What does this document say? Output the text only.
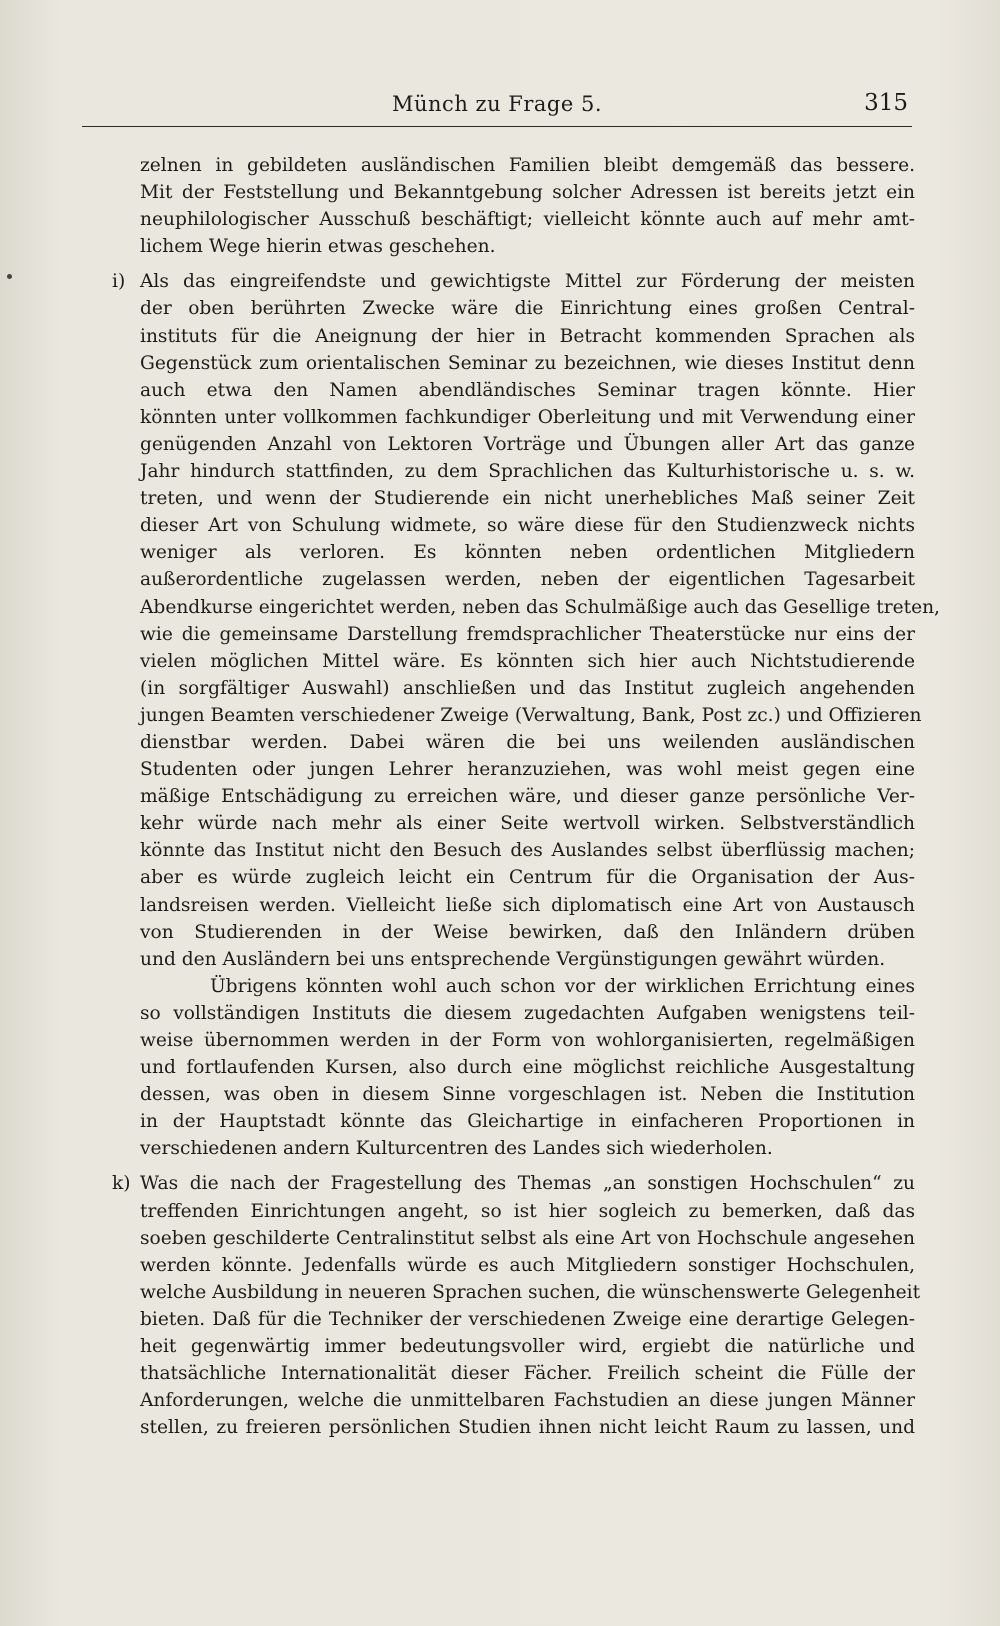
Münch zu Frage 5.	315
zelnen in gebildeten ausländischen Familien bleibt demgemäß das bessere.
Mit der Feststellung und Bekanntgebung solcher Adressen ist bereits jetzt ein
neuphilologischer Ausschuß beschäftigt; vielleicht könnte auch auf mehr amt-
lichem Wege hierin etwas geschehen.
i) Als das eingreifendste und gewichtigste Mittel zur Förderung der meisten
der oben berührten Zwecke wäre die Einrichtung eines großen Central-
instituts für die Aneignung der hier in Betracht kommenden Sprachen als
Gegenstück zum orientalischen Seminar zu bezeichnen, wie dieses Institut denn
auch etwa den Namen abendländisches Seminar tragen könnte. Hier
könnten unter vollkommen fachkundiger Oberleitung und mit Verwendung einer
genügenden Anzahl von Lektoren Vorträge und Übungen aller Art das ganze
Jahr hindurch stattfinden, zu dem Sprachlichen das Kulturhistorische u. s. w.
treten, und wenn der Studierende ein nicht unerhebliches Maß seiner Zeit
dieser Art von Schulung widmete, so wäre diese für den Studienzweck nichts
weniger als verloren. Es könnten neben ordentlichen Mitgliedern
außerordentliche zugelassen werden, neben der eigentlichen Tagesarbeit
Abendkurse eingerichtet werden, neben das Schulmäßige auch das Gesellige treten,
wie die gemeinsame Darstellung fremdsprachlicher Theaterstücke nur eins der
vielen möglichen Mittel wäre. Es könnten sich hier auch Nichtstudierende
(in sorgfältiger Auswahl) anschließen und das Institut zugleich angehenden
jungen Beamten verschiedener Zweige (Verwaltung, Bank, Post zc.) und Offizieren
dienstbar werden. Dabei wären die bei uns weilenden ausländischen
Studenten oder jungen Lehrer heranzuziehen, was wohl meist gegen eine
mäßige Entschädigung zu erreichen wäre, und dieser ganze persönliche Ver-
kehr würde nach mehr als einer Seite wertvoll wirken. Selbstverständlich
könnte das Institut nicht den Besuch des Auslandes selbst überflüssig machen;
aber es würde zugleich leicht ein Centrum für die Organisation der Aus-
landsreisen werden. Vielleicht ließe sich diplomatisch eine Art von Austausch
von Studierenden in der Weise bewirken, daß den Inländern drüben
und den Ausländern bei uns entsprechende Vergünstigungen gewährt würden.
Übrigens könnten wohl auch schon vor der wirklichen Errichtung eines
so vollständigen Instituts die diesem zugedachten Aufgaben wenigstens teil-
weise übernommen werden in der Form von wohlorganisierten, regelmäßigen
und fortlaufenden Kursen, also durch eine möglichst reichliche Ausgestaltung
dessen, was oben in diesem Sinne vorgeschlagen ist. Neben die Institution
in der Hauptstadt könnte das Gleichartige in einfacheren Proportionen in
verschiedenen andern Kulturcentren des Landes sich wiederholen.
k) Was die nach der Fragestellung des Themas „an sonstigen Hochschulen“ zu
treffenden Einrichtungen angeht, so ist hier sogleich zu bemerken, daß das
soeben geschilderte Centralinstitut selbst als eine Art von Hochschule angesehen
werden könnte. Jedenfalls würde es auch Mitgliedern sonstiger Hochschulen,
welche Ausbildung in neueren Sprachen suchen, die wünschenswerte Gelegenheit
bieten. Daß für die Techniker der verschiedenen Zweige eine derartige Gelegen-
heit gegenwärtig immer bedeutungsvoller wird, ergiebt die natürliche und
thatsächliche Internationalität dieser Fächer. Freilich scheint die Fülle der
Anforderungen, welche die unmittelbaren Fachstudien an diese jungen Männer
stellen, zu freieren persönlichen Studien ihnen nicht leicht Raum zu lassen, und
